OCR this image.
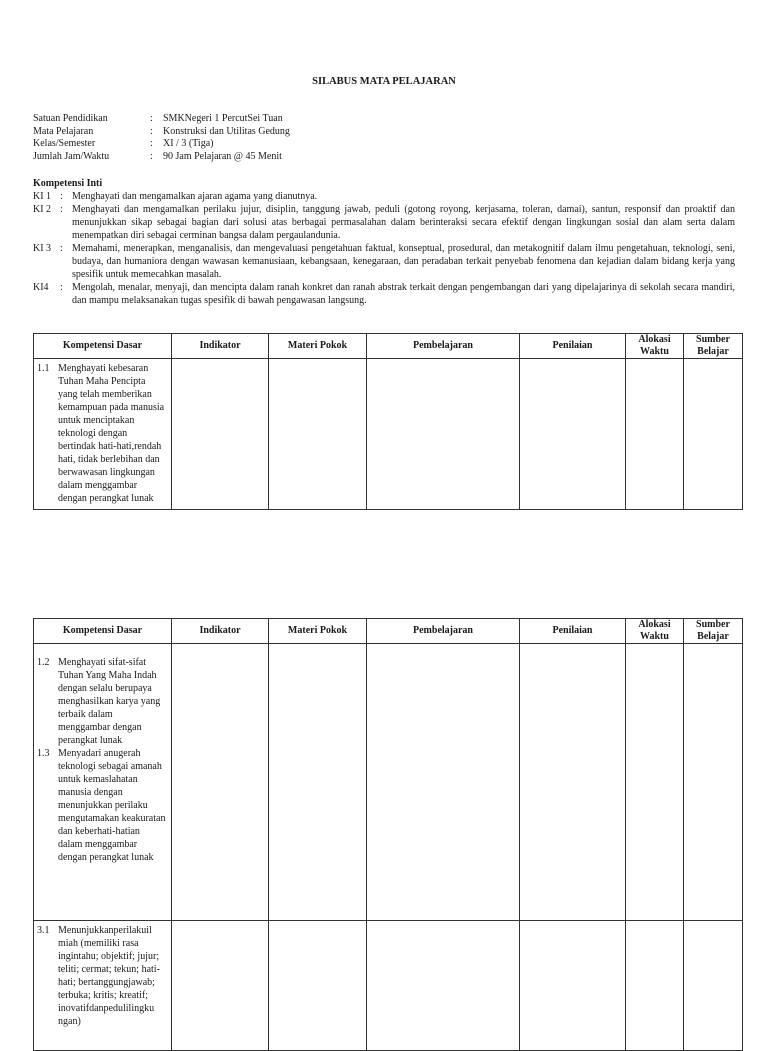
SILABUS MATA PELAJARAN
Satuan Pendidikan	:	SMKNegeri 1 PercutSei Tuan
Mata Pelajaran	:	Konstruksi dan Utilitas Gedung
Kelas/Semester	:	XI / 3 (Tiga)
Jumlah Jam/Waktu	:	90 Jam Pelajaran @ 45 Menit
Kompetensi Inti
KI 1 : Menghayati dan mengamalkan ajaran agama yang dianutnya.
KI 2 : Menghayati dan mengamalkan perilaku jujur, disiplin, tanggung jawab, peduli (gotong royong, kerjasama, toleran, damai), santun, responsif dan proaktif dan menunjukkan sikap sebagai bagian dari solusi atas berbagai permasalahan dalam berinteraksi secara efektif dengan lingkungan sosial dan alam serta dalam menempatkan diri sebagai cerminan bangsa dalam pergaulandunia.
KI 3 : Memahami, menerapkan, menganalisis, dan mengevaluasi pengetahuan faktual, konseptual, prosedural, dan metakognitif dalam ilmu pengetahuan, teknologi, seni, budaya, dan humaniora dengan wawasan kemanusiaan, kebangsaan, kenegaraan, dan peradaban terkait penyebab fenomena dan kejadian dalam bidang kerja yang spesifik untuk memecahkan masalah.
KI4	: Mengolah, menalar, menyaji, dan mencipta dalam ranah konkret dan ranah abstrak terkait dengan pengembangan dari yang dipelajarinya di sekolah secara mandiri, dan mampu melaksanakan tugas spesifik di bawah pengawasan langsung.
Kompetensi Dasar	Indikator	Materi Pokok	Pembelajaran	Penilaian	Alokasi Waktu	Sumber Belajar

1.1 Menghayati kebesaran Tuhan Maha Pencipta yang telah memberikan kemampuan pada manusia untuk menciptakan teknologi dengan bertindak hati-hati,rendah hati, tidak berlebihan dan berwawasan lingkungan dalam menggambar dengan perangkat lunak						

Kompetensi Dasar	Indikator	Materi Pokok	Pembelajaran	Penilaian	Alokasi Waktu	Sumber Belajar

1.2 Menghayati sifat-sifat Tuhan Yang Maha Indah dengan selalu berupaya menghasilkan karya yang terbaik dalam menggambar dengan perangkat lunak
1.3 Menyadari anugerah teknologi sebagai amanah untuk kemaslahatan manusia dengan menunjukkan perilaku mengutamakan keakuratan dan keberhati-hatian dalam menggambar dengan perangkat lunak						

3.1 Menunjukkanperilakuil miah (memiliki rasa ingintahu; objektif; jujur; teliti; cermat; tekun; hati-hati; bertanggungjawab; terbuka; kritis; kreatif; inovatifdanpedulilingku ngan)						
